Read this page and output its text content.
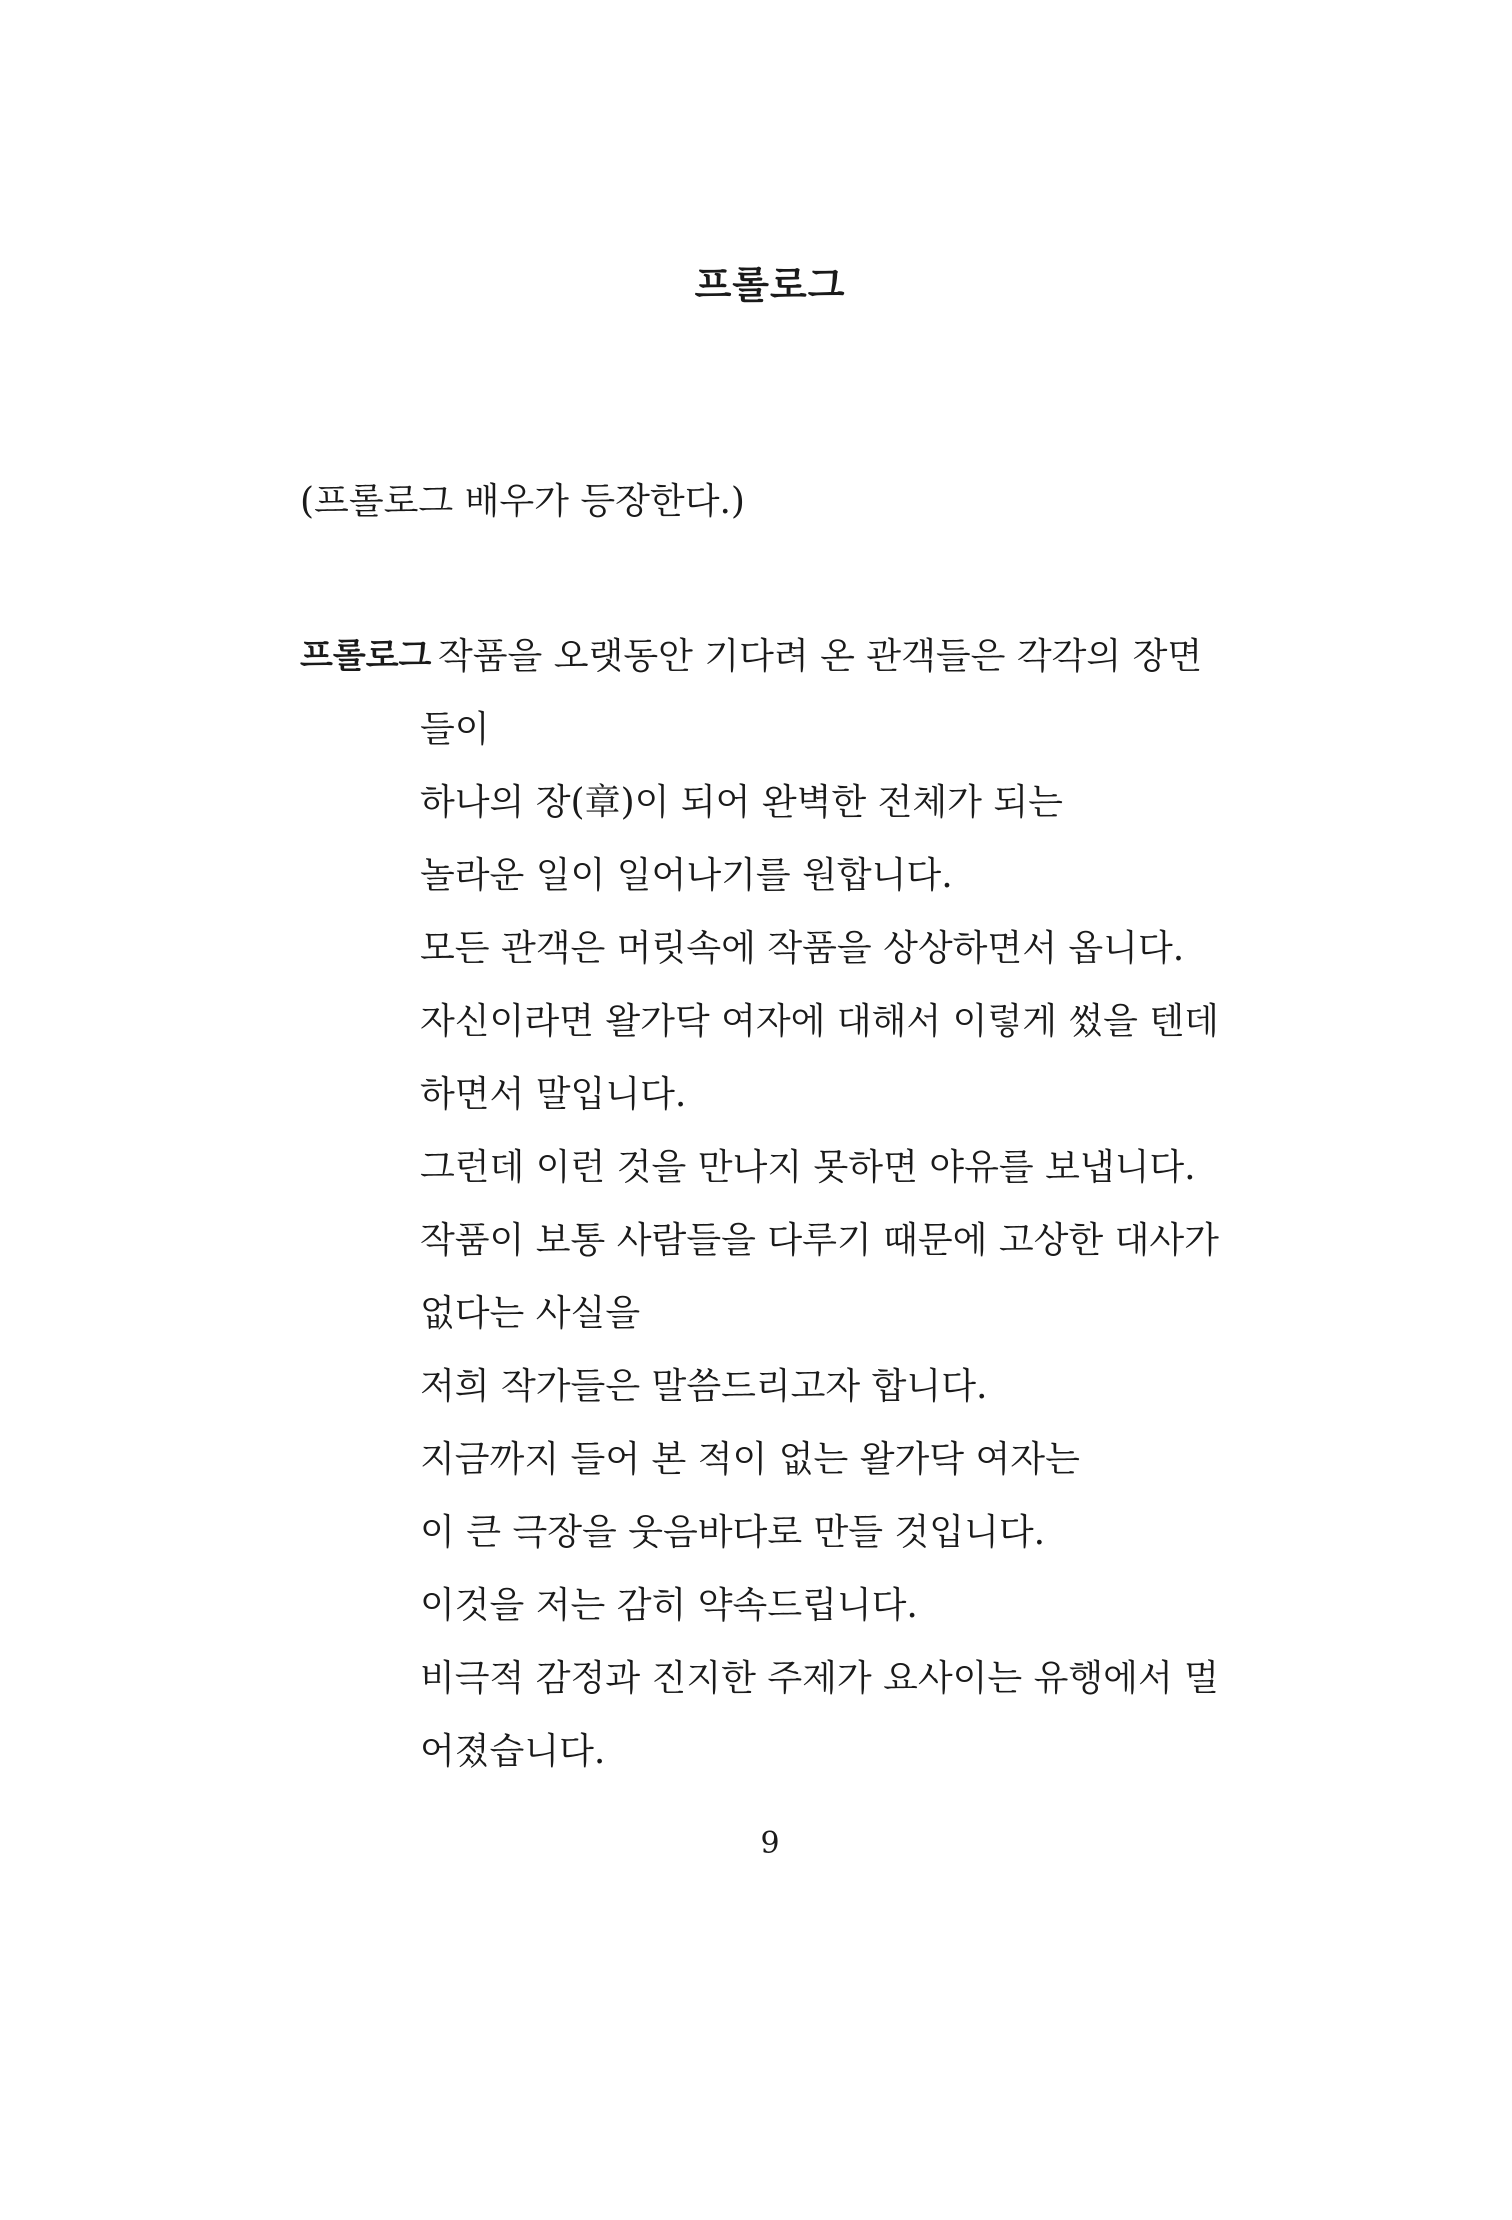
프롤로그
(프롤로그 배우가 등장한다.)
프롤로그 작품을 오랫동안 기다려 온 관객들은 각각의 장면
들이
하나의 장(章)이 되어 완벽한 전체가 되는
놀라운 일이 일어나기를 원합니다.
모든 관객은 머릿속에 작품을 상상하면서 옵니다.
자신이라면 왈가닥 여자에 대해서 이렇게 썼을 텐데
하면서 말입니다.
그런데 이런 것을 만나지 못하면 야유를 보냅니다.
작품이 보통 사람들을 다루기 때문에 고상한 대사가
없다는 사실을
저희 작가들은 말씀드리고자 합니다.
지금까지 들어 본 적이 없는 왈가닥 여자는
이 큰 극장을 웃음바다로 만들 것입니다.
이것을 저는 감히 약속드립니다.
비극적 감정과 진지한 주제가 요사이는 유행에서 멀
어졌습니다.
9
